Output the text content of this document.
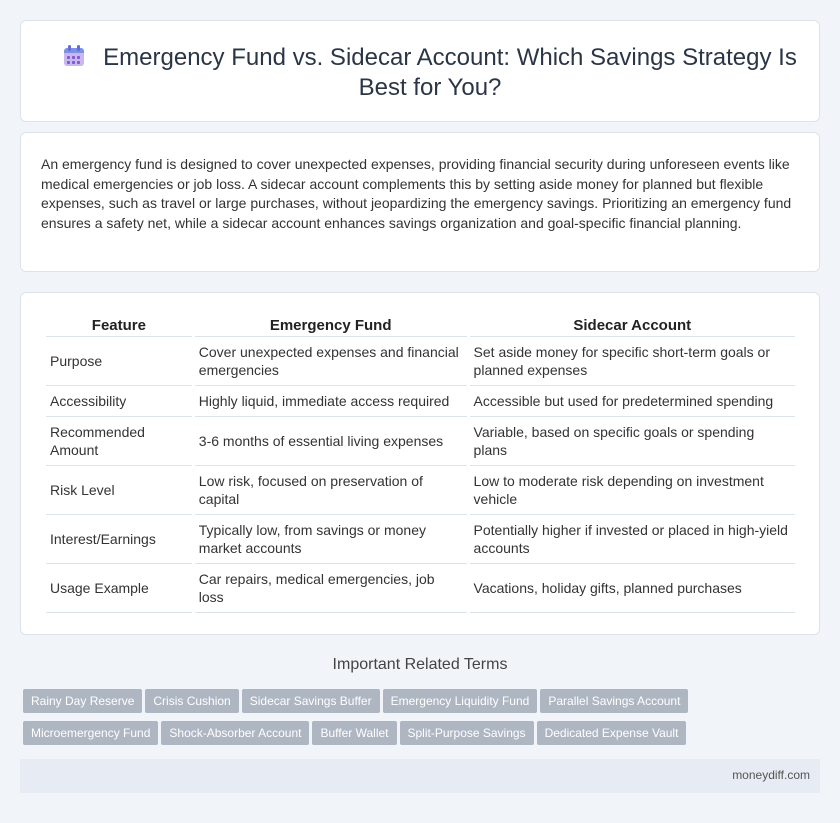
Emergency Fund vs. Sidecar Account: Which Savings Strategy Is Best for You?

An emergency fund is designed to cover unexpected expenses, providing financial security during unforeseen events like medical emergencies or job loss. A sidecar account complements this by setting aside money for planned but flexible expenses, such as travel or large purchases, without jeopardizing the emergency savings. Prioritizing an emergency fund ensures a safety net, while a sidecar account enhances savings organization and goal-specific financial planning.

Feature	Emergency Fund	Sidecar Account
Purpose	Cover unexpected expenses and financial emergencies	Set aside money for specific short-term goals or planned expenses
Accessibility	Highly liquid, immediate access required	Accessible but used for predetermined spending
Recommended Amount	3-6 months of essential living expenses	Variable, based on specific goals or spending plans
Risk Level	Low risk, focused on preservation of capital	Low to moderate risk depending on investment vehicle
Interest/Earnings	Typically low, from savings or money market accounts	Potentially higher if invested or placed in high-yield accounts
Usage Example	Car repairs, medical emergencies, job loss	Vacations, holiday gifts, planned purchases
Important Related Terms
Rainy Day Reserve Crisis Cushion Sidecar Savings Buffer Emergency Liquidity Fund Parallel Savings Account
Microemergency Fund Shock-Absorber Account Buffer Wallet Split-Purpose Savings Dedicated Expense Vault
moneydiff.com
